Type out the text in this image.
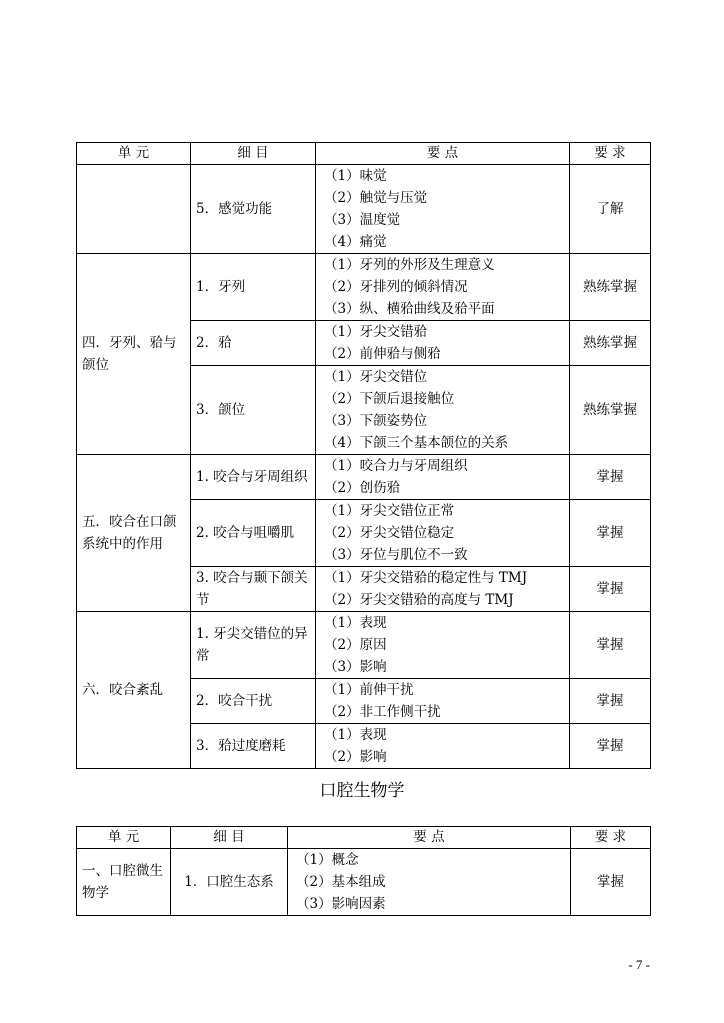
单 元	细 目	要 点	要 求
	5．感觉功能	（1）味觉
（2）触觉与压觉
（3）温度觉
（4）痛觉	了解
四．牙列、𬌗与颌位	1．牙列	（1）牙列的外形及生理意义
（2）牙排列的倾斜情况
（3）纵、横𬌗曲线及𬌗平面	熟练掌握
	2．𬌗	（1）牙尖交错𬌗
（2）前伸𬌗与侧𬌗	熟练掌握
	3．颌位	（1）牙尖交错位
（2）下颌后退接触位
（3）下颌姿势位
（4）下颌三个基本颌位的关系	熟练掌握
五．咬合在口颌系统中的作用	1. 咬合与牙周组织	（1）咬合力与牙周组织
（2）创伤𬌗	掌握
	2. 咬合与咀嚼肌	（1）牙尖交错位正常
（2）牙尖交错位稳定
（3）牙位与肌位不一致	掌握
	3. 咬合与颞下颌关节	（1）牙尖交错𬌗的稳定性与 TMJ
（2）牙尖交错𬌗的高度与 TMJ	掌握
六．咬合紊乱	1. 牙尖交错位的异常	（1）表现
（2）原因
（3）影响	掌握
	2．咬合干扰	（1）前伸干扰
（2）非工作侧干扰	掌握
	3．𬌗过度磨耗	（1）表现
（2）影响	掌握
口腔生物学
单 元	细 目	要 点	要 求
一、口腔微生物学	1．口腔生态系	（1）概念
（2）基本组成
（3）影响因素	掌握
- 7 -
